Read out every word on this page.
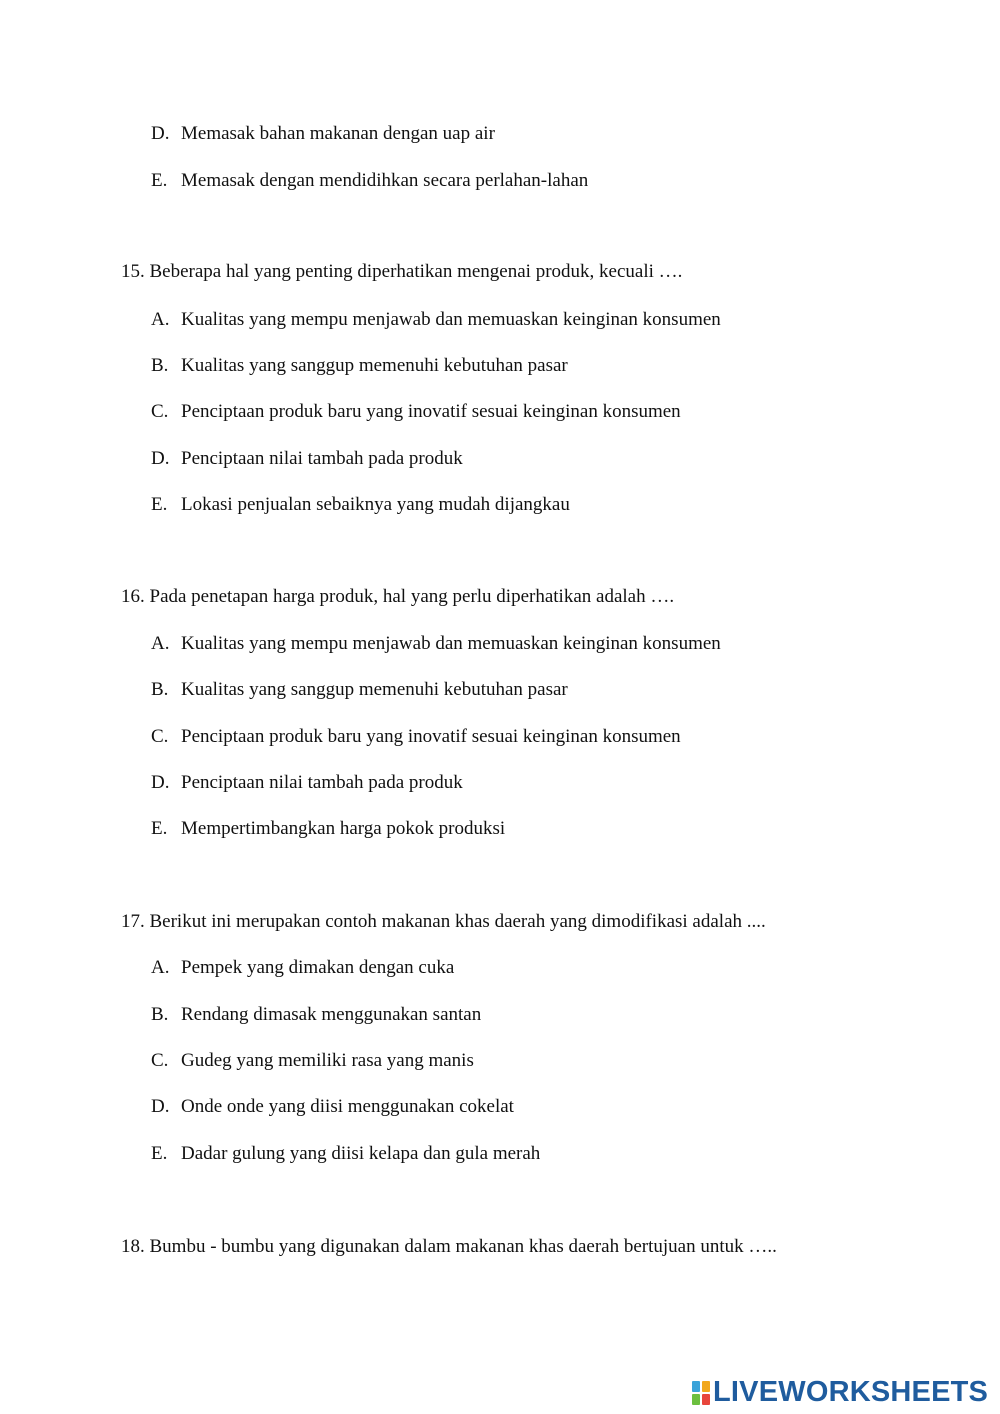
D. Memasak bahan makanan dengan uap air
E. Memasak dengan mendidihkan secara perlahan-lahan
15. Beberapa hal yang penting diperhatikan mengenai produk, kecuali ….
A. Kualitas yang mempu menjawab dan memuaskan keinginan konsumen
B. Kualitas yang sanggup memenuhi kebutuhan pasar
C. Penciptaan produk baru yang inovatif sesuai keinginan konsumen
D. Penciptaan nilai tambah pada produk
E. Lokasi penjualan sebaiknya yang mudah dijangkau
16. Pada penetapan harga produk, hal yang perlu diperhatikan adalah ….
A. Kualitas yang mempu menjawab dan memuaskan keinginan konsumen
B. Kualitas yang sanggup memenuhi kebutuhan pasar
C. Penciptaan produk baru yang inovatif sesuai keinginan konsumen
D. Penciptaan nilai tambah pada produk
E. Mempertimbangkan harga pokok produksi
17. Berikut ini merupakan contoh makanan khas daerah yang dimodifikasi adalah ....
A. Pempek yang dimakan dengan cuka
B. Rendang dimasak menggunakan santan
C. Gudeg yang memiliki rasa yang manis
D. Onde onde yang diisi menggunakan cokelat
E. Dadar gulung yang diisi kelapa dan gula merah
18. Bumbu - bumbu yang digunakan dalam makanan khas daerah bertujuan untuk …..
LIVEWORKSHEETS
